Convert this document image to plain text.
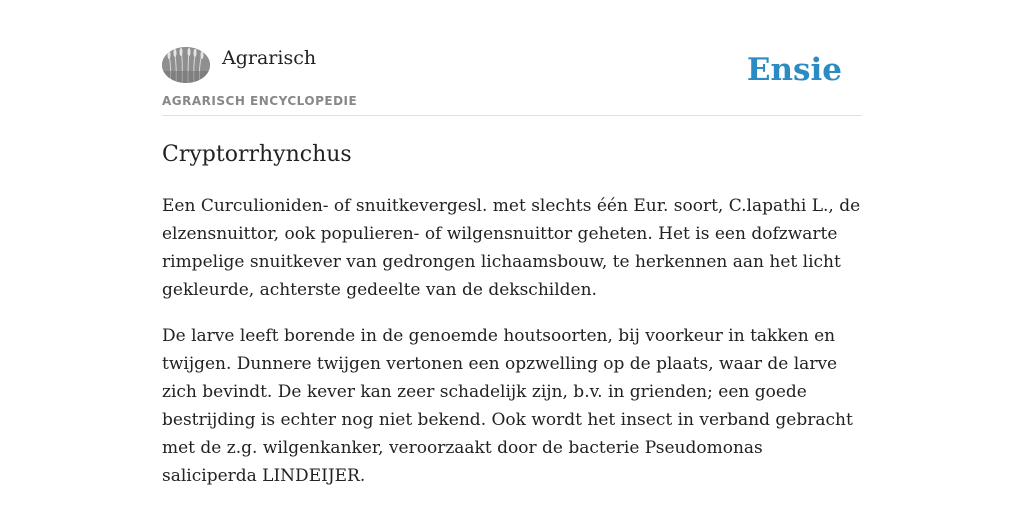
Agrarisch
AGRARISCH ENCYCLOPEDIE
Ensie
Cryptorrhynchus

Een Curculioniden- of snuitkevergesl. met slechts één Eur. soort, C.lapathi L., de elzensnuittor, ook populieren- of wilgensnuittor geheten. Het is een dofzwarte rimpelige snuitkever van gedrongen lichaamsbouw, te herkennen aan het licht gekleurde, achterste gedeelte van de dekschilden.

De larve leeft borende in de genoemde houtsoorten, bij voorkeur in takken en twijgen. Dunnere twijgen vertonen een opzwelling op de plaats, waar de larve zich bevindt. De kever kan zeer schadelijk zijn, b.v. in grienden; een goede bestrijding is echter nog niet bekend. Ook wordt het insect in verband gebracht met de z.g. wilgenkanker, veroorzaakt door de bacterie Pseudomonas saliciperda LINDEIJER.
